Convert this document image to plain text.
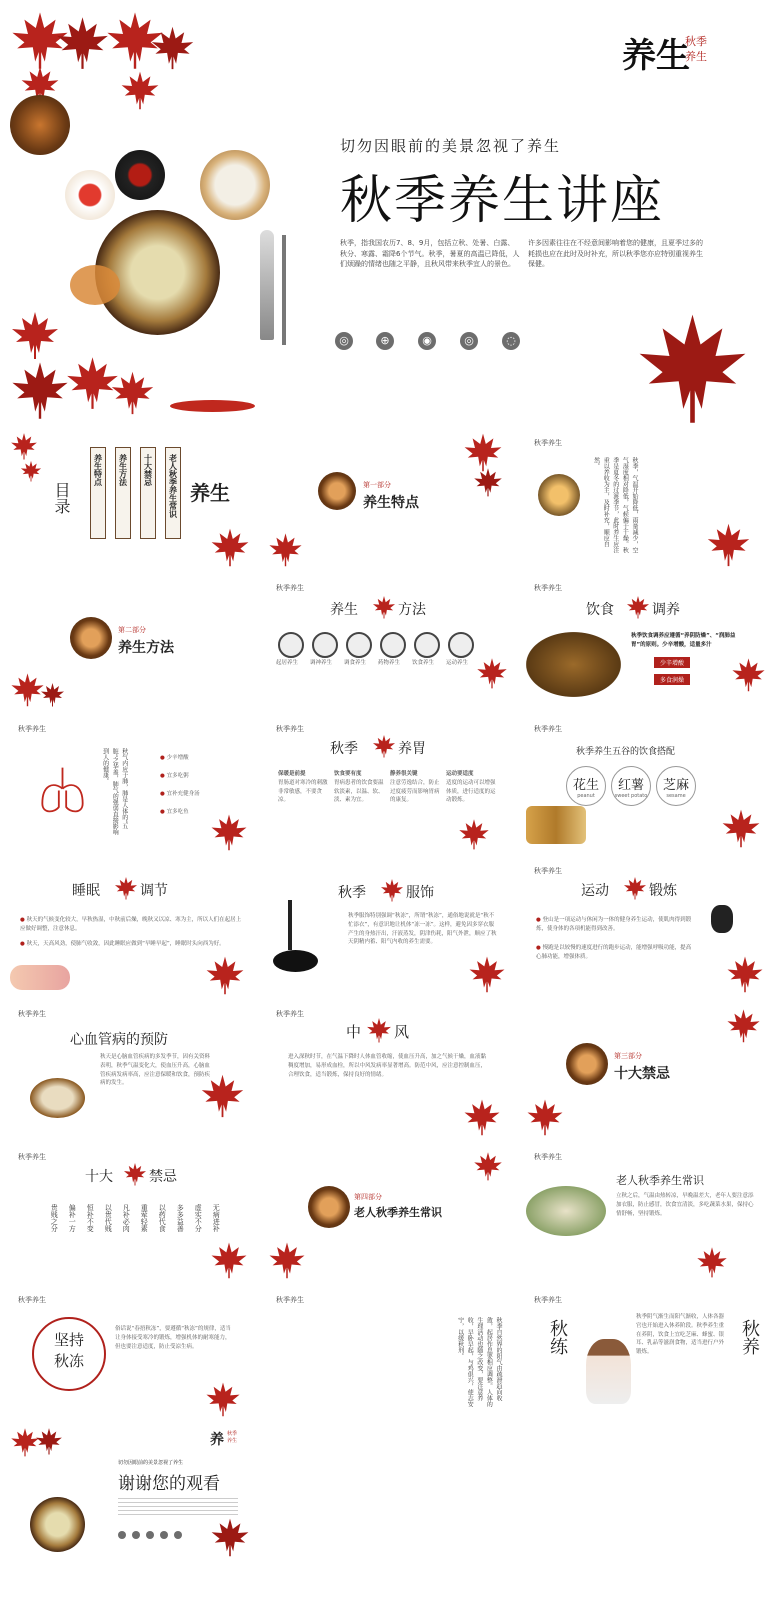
养生
秋季
养生
切勿因眼前的美景忽视了养生
秋季养生讲座
秋季，指我国农历7、8、9月，包括立秋、处暑、白露、秋分、寒露、霜降6个节气。秋季，暑夏的高温已降低，人们烦躁的情绪也随之平静，且秋风带来秋季宜人的景色。
许多因素往往在不经意间影响着您的健康，且夏季过多的耗损也应在此时及时补充，所以秋季您亦应特别重视养生保健。
◎	⊕	◉	◎	◌
目录
养生特点 养生方法 十大禁忌 老人秋季养生常识 养生	第一部分
养生特点
秋季养生
秋季，气温开始降低，雨量减少，空气湿度相对降低，气候偏于干燥。秋季是夏冬的过渡季节，此时养生应注重以养收为主，及时补充，顺应自然。
第二部分
养生方法
秋季养生
养生	方法
起居养生 调神养生 调食养生 药物养生 饮食养生 运动养生
秋季养生
饮食	调养
秋季饮食调养应遵循“养阴防燥”、“润肺益胃”的原则。少辛增酸，适量多汁
少辛增酸
多食润燥
秋季养生
秋气内应于肺，肺是人体的“五脏”之华盖，肺气的强弱直接影响到人的健康。	● 少辛增酸
● 宜多吃粥
● 宜补充健身汤
● 宜多吃鱼
秋季养生
秋季	养胃
保暖是前提
胃肠道对寒冷的刺激非常敏感，不要贪凉。
饮食要有度
胃病患者的饮食要温软淡素，以温、软、淡、素为宜。
静养很关键
注意劳逸结合，防止过度疲劳而影响胃病的康复。
运动要适度
适度的运动可以增强体质，进行适度的运动锻炼。
秋季养生
秋季养生五谷的饮食搭配
花生
peanut
红薯
sweet potato
芝麻
sesame
睡眠	调节
● 秋天的气候变化较大，早秋热湿，中秋前后燥，晚秋又以凉、寒为主，所以人们在起居上应做好调整，注意休息。
● 秋天，天高风劲，使肺气收敛，因此睡眠应做到“早睡早起”，睡眠时头向西为好。
秋季	服饰
秋季服饰特别强调“秋冻”，所谓“秋冻”，通俗地说就是“秋不忙添衣”，有意识地让机体“冻一冻”。这样，避免因多穿衣服产生的身热汗出，汗液蒸发，阴津伤耗，阳气外泄，顺应了秋天阴精内蓄、阳气内收的养生需要。
秋季养生
运动	锻炼
● 登山是一项运动与休闲为一体的健身养生运动，使肌肉得到锻炼，使身体的各项机能得到改善。
● 慢跑是以较慢的速度进行的跑步运动，能增强呼吸功能，提高心肺功能，增强体质。
秋季养生
心血管病的预防
秋天是心脑血管疾病的多发季节，因有关资料表明，秋季气温变化大，使血压升高，心脑血管疾病发病率高，应注意保暖和饮食，预防疾病的发生。
秋季养生
中 风
进入深秋时节，在气温下降时人体血管收缩，使血压升高，加之气候干燥，血液黏稠度增加，易形成血栓，所以中风发病率显著增高。防范中风，应注意控制血压，合理饮食，适当锻炼，保持良好的情绪。
第三部分
十大禁忌
秋季养生
十大	禁忌
无病进补
虚实不分
多多益善
以药代食
重荤轻素
凡补必肉
以贵代贱
恒补不变
偏补一方
贵贱之分
第四部分
老人秋季养生常识
秋季养生
老人秋季养生常识
立秋之后，气温由热转凉，早晚温差大，老年人要注意添加衣服，防止感冒，饮食宜清淡，多吃蔬菜水果，保持心情舒畅，坚持锻炼。
秋季养生
坚持
秋冻
俗话说“春捂秋冻”，要遵循“秋冻”的规律，适当让身体接受寒冷的锻炼，增强机体的耐寒能力，但也要注意适度，防止受凉生病。
秋季养生
秋季自然界的阳气由疏泄趋向收敛，起居作息要相应调整。人体的生理活动也随之改变，要注意养收，早卧早起，与鸡俱兴，使志安宁，以缓秋刑。
秋季养生
秋练
秋季阴气渐生而阳气渐收，人体各器官也开始进入休养阶段。秋季养生重在养阴，饮食上宜吃芝麻、蜂蜜、银耳、乳品等滋润食物，适当进行户外锻炼。	秋养
养 秋季
养生
切勿因眼前的美景忽视了养生
谢谢您的观看
